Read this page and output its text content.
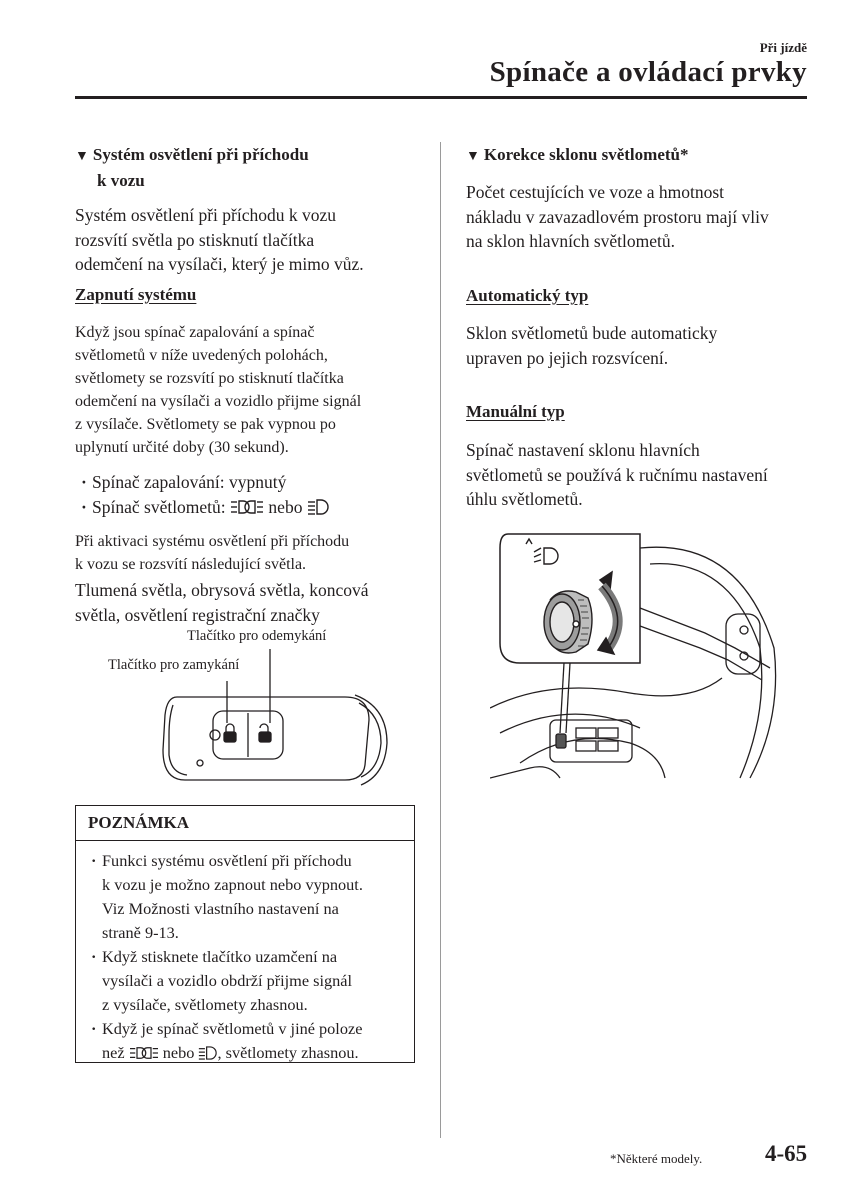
Při jízdě
Spínače a ovládací prvky
▼ Systém osvětlení při příchodu
k vozu
Systém osvětlení při příchodu k vozu
rozsvítí světla po stisknutí tlačítka
odemčení na vysílači, který je mimo vůz.
Zapnutí systému
Když jsou spínač zapalování a spínač
světlometů v níže uvedených polohách,
světlomety se rozsvítí po stisknutí tlačítka
odemčení na vysílači a vozidlo přijme signál
z vysílače. Světlomety se pak vypnou po
uplynutí určité doby (30 sekund).
· Spínač zapalování: vypnutý
· Spínač světlometů: nebo
Při aktivaci systému osvětlení při příchodu
k vozu se rozsvítí následující světla.
Tlumená světla, obrysová světla, koncová
světla, osvětlení registrační značky
Tlačítko pro odemykání
Tlačítko pro zamykání
POZNÁMKA
· Funkci systému osvětlení při příchodu
k vozu je možno zapnout nebo vypnout.
Viz Možnosti vlastního nastavení na
straně 9-13.
· Když stisknete tlačítko uzamčení na
vysílači a vozidlo obdrží přijme signál
z vysílače, světlomety zhasnou.
· Když je spínač světlometů v jiné poloze
než nebo , světlomety zhasnou.
▼ Korekce sklonu světlometů*
Počet cestujících ve voze a hmotnost
nákladu v zavazadlovém prostoru mají vliv
na sklon hlavních světlometů.
Automatický typ
Sklon světlometů bude automaticky
upraven po jejich rozsvícení.
Manuální typ
Spínač nastavení sklonu hlavních
světlometů se používá k ručnímu nastavení
úhlu světlometů.
*Některé modely.	4-65
